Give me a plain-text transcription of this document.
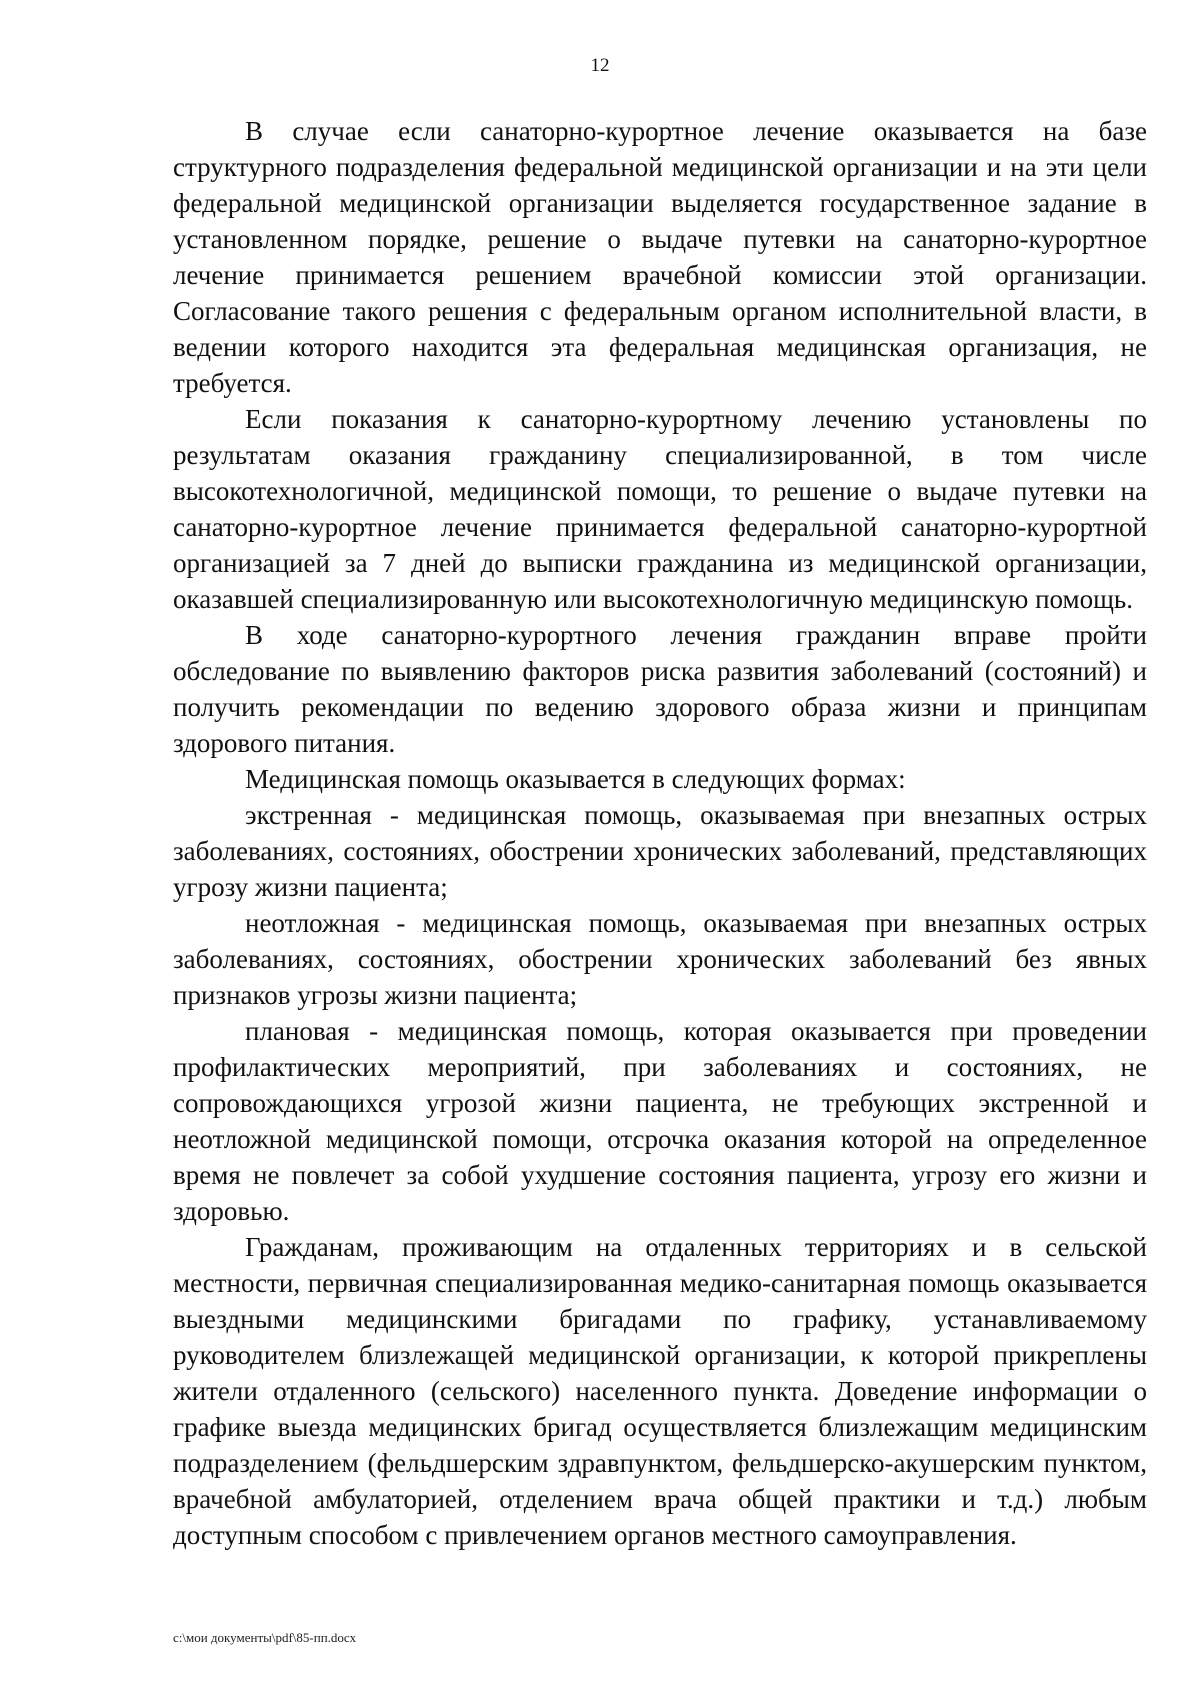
12

В случае если санаторно-курортное лечение оказывается на базе структурного подразделения федеральной медицинской организации и на эти цели федеральной медицинской организации выделяется государственное задание в установленном порядке, решение о выдаче путевки на санаторно-курортное лечение принимается решением врачебной комиссии этой организации. Согласование такого решения с федеральным органом исполнительной власти, в ведении которого находится эта федеральная медицинская организация, не требуется.

Если показания к санаторно-курортному лечению установлены по результатам оказания гражданину специализированной, в том числе высокотехнологичной, медицинской помощи, то решение о выдаче путевки на санаторно-курортное лечение принимается федеральной санаторно-курортной организацией за 7 дней до выписки гражданина из медицинской организации, оказавшей специализированную или высокотехнологичную медицинскую помощь.

В ходе санаторно-курортного лечения гражданин вправе пройти обследование по выявлению факторов риска развития заболеваний (состояний) и получить рекомендации по ведению здорового образа жизни и принципам здорового питания.

Медицинская помощь оказывается в следующих формах:

экстренная - медицинская помощь, оказываемая при внезапных острых заболеваниях, состояниях, обострении хронических заболеваний, представляющих угрозу жизни пациента;

неотложная - медицинская помощь, оказываемая при внезапных острых заболеваниях, состояниях, обострении хронических заболеваний без явных признаков угрозы жизни пациента;

плановая - медицинская помощь, которая оказывается при проведении профилактических мероприятий, при заболеваниях и состояниях, не сопровождающихся угрозой жизни пациента, не требующих экстренной и неотложной медицинской помощи, отсрочка оказания которой на определенное время не повлечет за собой ухудшение состояния пациента, угрозу его жизни и здоровью.

Гражданам, проживающим на отдаленных территориях и в сельской местности, первичная специализированная медико-санитарная помощь оказывается выездными медицинскими бригадами по графику, устанавливаемому руководителем близлежащей медицинской организации, к которой прикреплены жители отдаленного (сельского) населенного пункта. Доведение информации о графике выезда медицинских бригад осуществляется близлежащим медицинским подразделением (фельдшерским здравпунктом, фельдшерско-акушерским пунктом, врачебной амбулаторией, отделением врача общей практики и т.д.) любым доступным способом с привлечением органов местного самоуправления.

c:\мои документы\pdf\85-пп.docx
